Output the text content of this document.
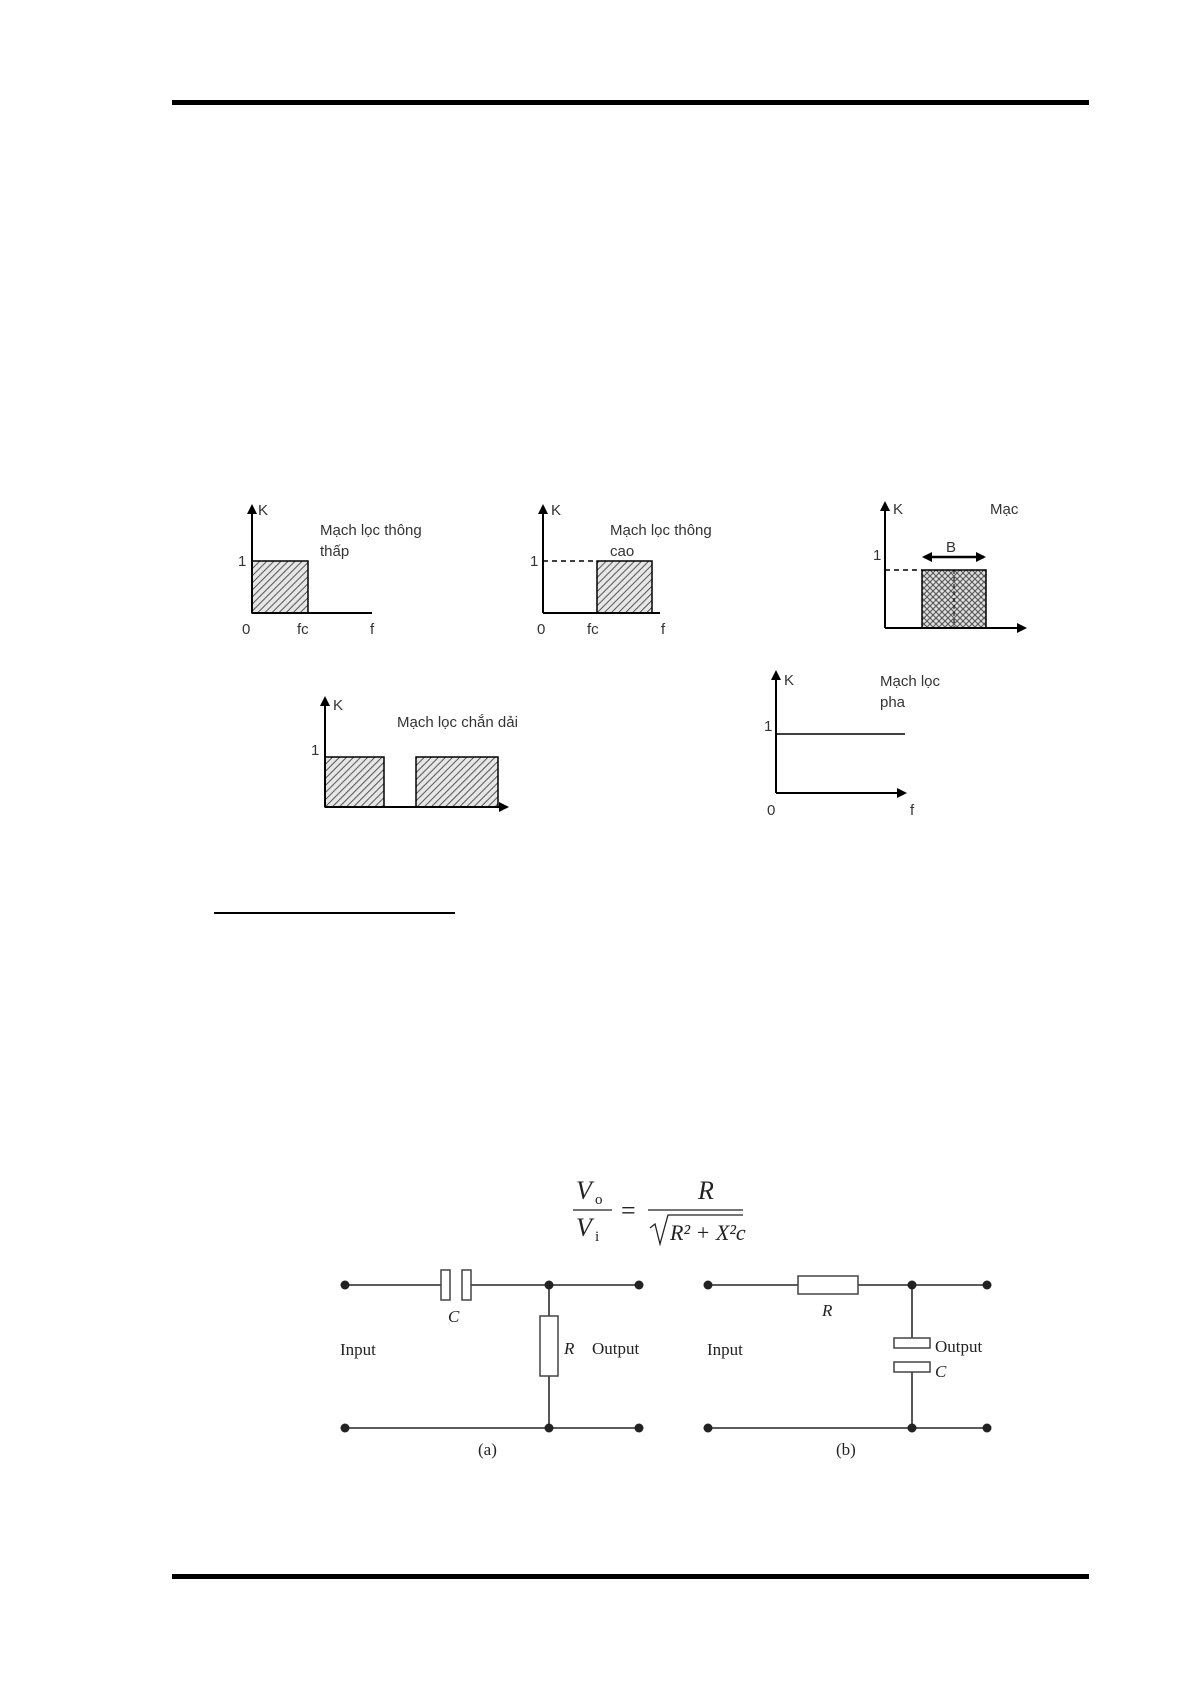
K
1
0	fc	f
Mạch lọc thông
thấp
K
1
0	fc	f
Mạch lọc thông
cao
K
1	B
Mạc
K
1
Mạch lọc chắn dải
K
1
0	f
Mạch lọc
pha
V o
V i
=
R
R² + X²c
C
R
Input	Output
(a)
R
C
Input	Output
(b)
